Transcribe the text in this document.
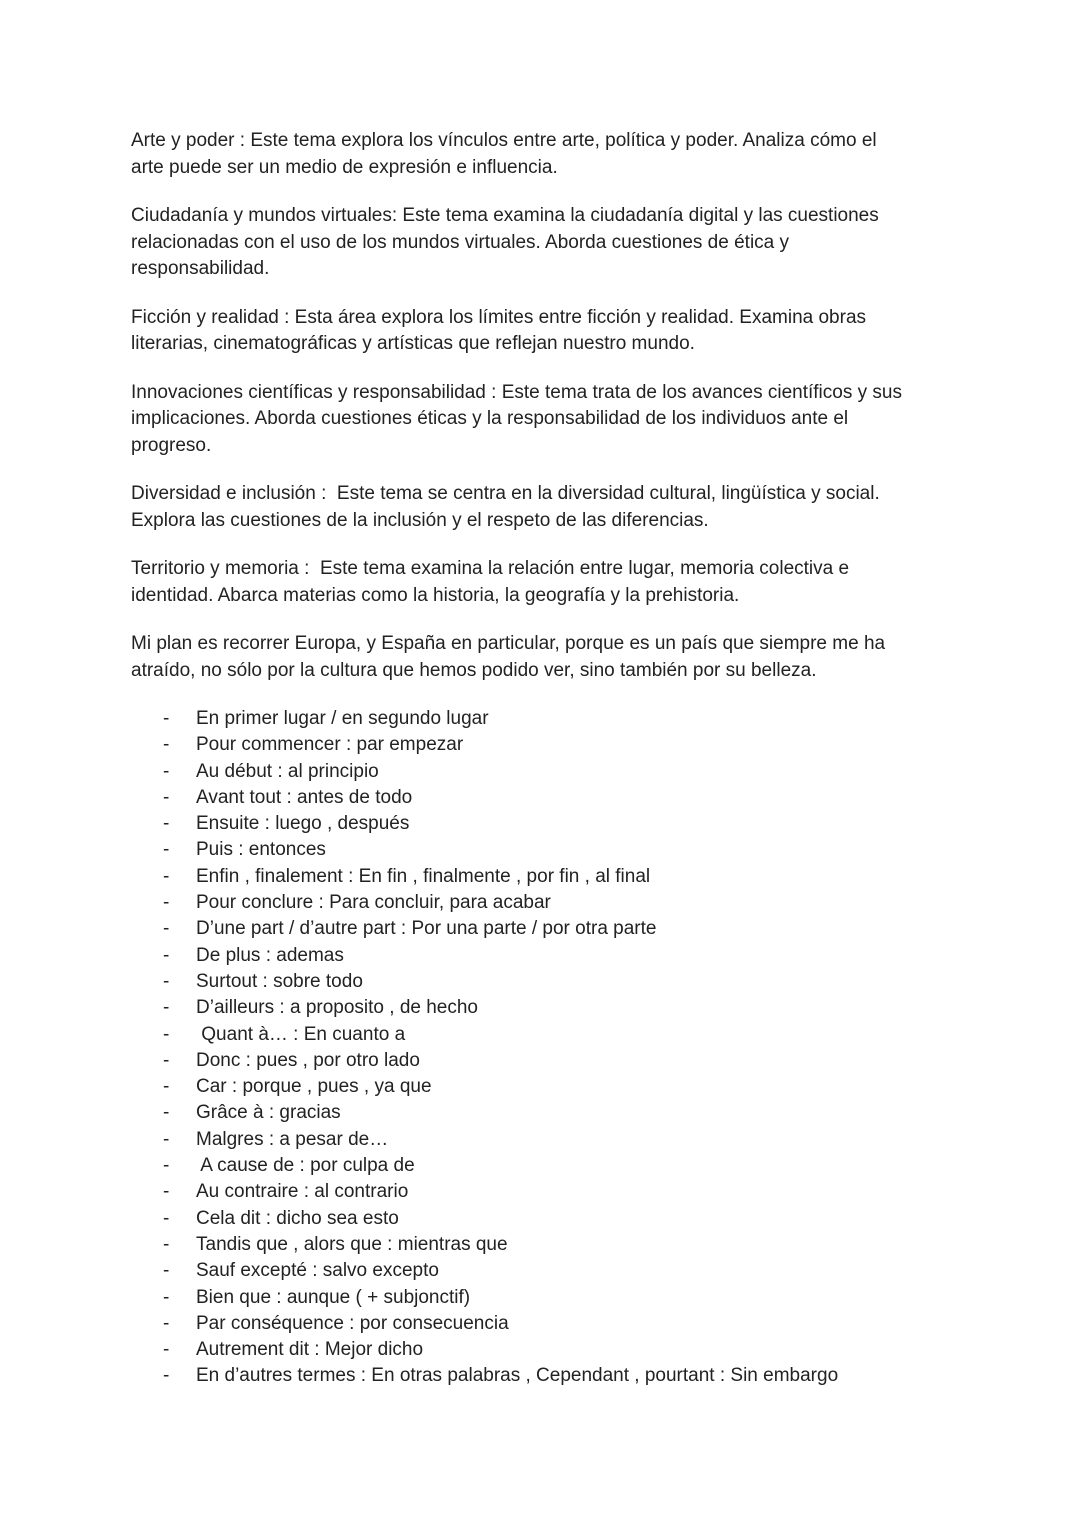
Arte y poder : Este tema explora los vínculos entre arte, política y poder. Analiza cómo el
arte puede ser un medio de expresión e influencia.

Ciudadanía y mundos virtuales: Este tema examina la ciudadanía digital y las cuestiones
relacionadas con el uso de los mundos virtuales. Aborda cuestiones de ética y
responsabilidad.

Ficción y realidad : Esta área explora los límites entre ficción y realidad. Examina obras
literarias, cinematográficas y artísticas que reflejan nuestro mundo.

Innovaciones científicas y responsabilidad : Este tema trata de los avances científicos y sus
implicaciones. Aborda cuestiones éticas y la responsabilidad de los individuos ante el
progreso.

Diversidad e inclusión :  Este tema se centra en la diversidad cultural, lingüística y social.
Explora las cuestiones de la inclusión y el respeto de las diferencias.

Territorio y memoria :  Este tema examina la relación entre lugar, memoria colectiva e
identidad. Abarca materias como la historia, la geografía y la prehistoria.

Mi plan es recorrer Europa, y España en particular, porque es un país que siempre me ha
atraído, no sólo por la cultura que hemos podido ver, sino también por su belleza.

- En primer lugar / en segundo lugar
- Pour commencer : par empezar
- Au début : al principio
- Avant tout : antes de todo
- Ensuite : luego , después
- Puis : entonces
- Enfin , finalement : En fin , finalmente , por fin , al final
- Pour conclure : Para concluir, para acabar
- D’une part / d’autre part : Por una parte / por otra parte
- De plus : ademas
- Surtout : sobre todo
- D’ailleurs : a proposito , de hecho
- Quant à… : En cuanto a
- Donc : pues , por otro lado
- Car : porque , pues , ya que
- Grâce à : gracias
- Malgres : a pesar de…
- A cause de : por culpa de
- Au contraire : al contrario
- Cela dit : dicho sea esto
- Tandis que , alors que : mientras que
- Sauf excepté : salvo excepto
- Bien que : aunque ( + subjonctif)
- Par conséquence : por consecuencia
- Autrement dit : Mejor dicho
- En d’autres termes : En otras palabras , Cependant , pourtant : Sin embargo
